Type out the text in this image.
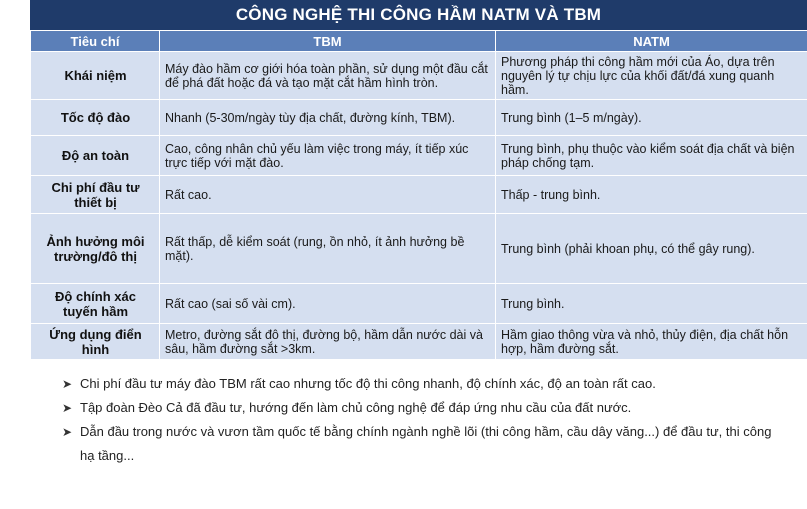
CÔNG NGHỆ THI CÔNG HẦM NATM VÀ TBM
Tiêu chí	TBM	NATM
Khái niệm	Máy đào hầm cơ giới hóa toàn phần, sử dụng một đầu cắt để phá đất hoặc đá và tạo mặt cắt hầm hình tròn.	Phương pháp thi công hầm mới của Áo, dựa trên nguyên lý tự chịu lực của khối đất/đá xung quanh hầm.
Tốc độ đào	Nhanh (5-30m/ngày tùy địa chất, đường kính, TBM).	Trung bình (1–5 m/ngày).
Độ an toàn	Cao, công nhân chủ yếu làm việc trong máy, ít tiếp xúc trực tiếp với mặt đào.	Trung bình, phụ thuộc vào kiểm soát địa chất và biện pháp chống tạm.
Chi phí đầu tư thiết bị	Rất cao.	Thấp - trung bình.
Ảnh hưởng môi trường/đô thị	Rất thấp, dễ kiểm soát (rung, ồn nhỏ, ít ảnh hưởng bề mặt).	Trung bình (phải khoan phụ, có thể gây rung).
Độ chính xác tuyến hầm	Rất cao (sai số vài cm).	Trung bình.
Ứng dụng điển hình	Metro, đường sắt đô thị, đường bộ, hầm dẫn nước dài và sâu, hầm đường sắt >3km.	Hầm giao thông vừa và nhỏ, thủy điện, địa chất hỗn hợp, hầm đường sắt.
➤ Chi phí đầu tư máy đào TBM rất cao nhưng tốc độ thi công nhanh, độ chính xác, độ an toàn rất cao.
➤ Tập đoàn Đèo Cả đã đầu tư, hướng đến làm chủ công nghệ để đáp ứng nhu cầu của đất nước.
➤ Dẫn đầu trong nước và vươn tầm quốc tế bằng chính ngành nghề lõi (thi công hầm, cầu dây văng...) để đầu tư, thi công hạ tầng...
